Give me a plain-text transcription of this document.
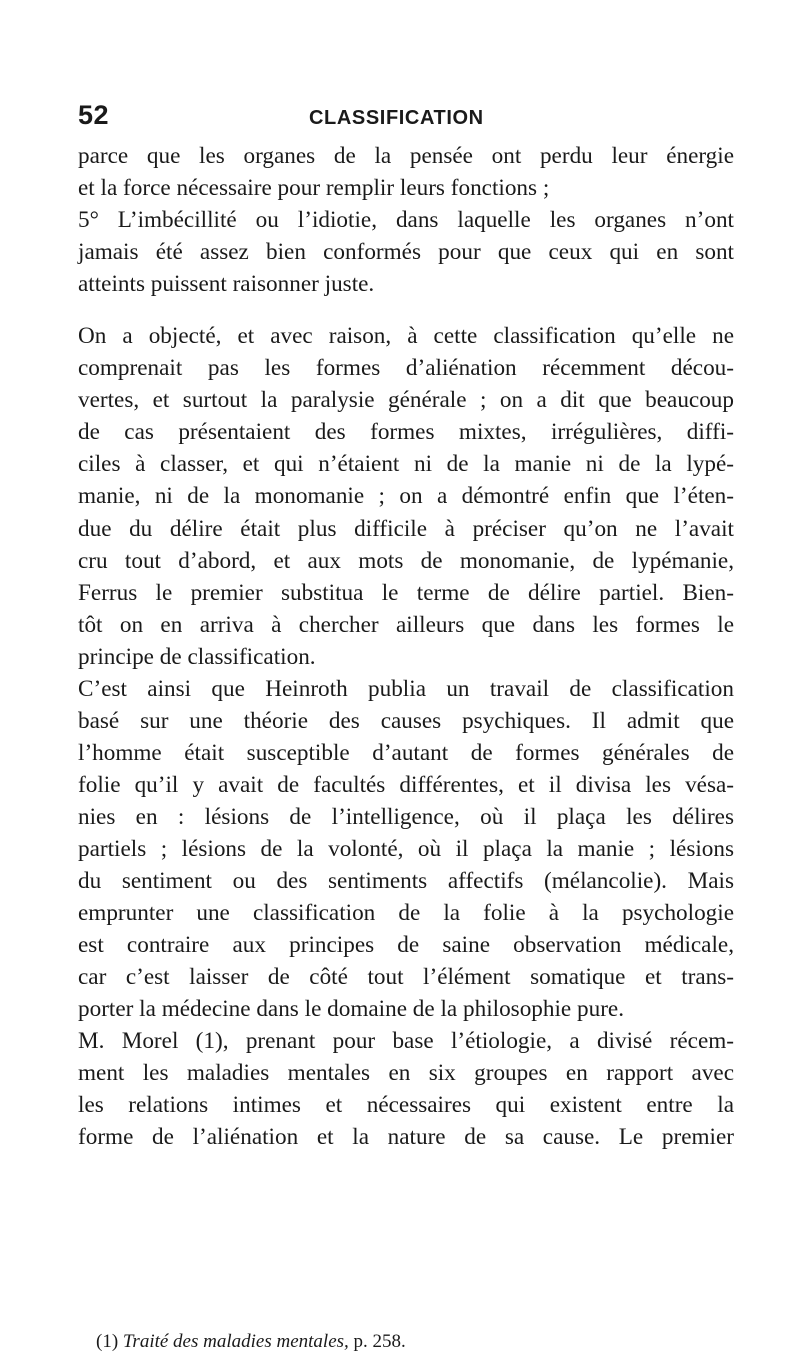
52	CLASSIFICATION
parce que les organes de la pensée ont perdu leur énergie
et la force nécessaire pour remplir leurs fonctions ;
5° L’imbécillité ou l’idiotie, dans laquelle les organes n’ont
jamais été assez bien conformés pour que ceux qui en sont
atteints puissent raisonner juste.
On a objecté, et avec raison, à cette classification qu’elle ne
comprenait pas les formes d’aliénation récemment décou-
vertes, et surtout la paralysie générale ; on a dit que beaucoup
de cas présentaient des formes mixtes, irrégulières, diffi-
ciles à classer, et qui n’étaient ni de la manie ni de la lypé-
manie, ni de la monomanie ; on a démontré enfin que l’éten-
due du délire était plus difficile à préciser qu’on ne l’avait
cru tout d’abord, et aux mots de monomanie, de lypémanie,
Ferrus le premier substitua le terme de délire partiel. Bien-
tôt on en arriva à chercher ailleurs que dans les formes le
principe de classification.
C’est ainsi que Heinroth publia un travail de classification
basé sur une théorie des causes psychiques. Il admit que
l’homme était susceptible d’autant de formes générales de
folie qu’il y avait de facultés différentes, et il divisa les vésa-
nies en : lésions de l’intelligence, où il plaça les délires
partiels ; lésions de la volonté, où il plaça la manie ; lésions
du sentiment ou des sentiments affectifs (mélancolie). Mais
emprunter une classification de la folie à la psychologie
est contraire aux principes de saine observation médicale,
car c’est laisser de côté tout l’élément somatique et trans-
porter la médecine dans le domaine de la philosophie pure.
M. Morel (1), prenant pour base l’étiologie, a divisé récem-
ment les maladies mentales en six groupes en rapport avec
les relations intimes et nécessaires qui existent entre la
forme de l’aliénation et la nature de sa cause. Le premier
(1) Traité des maladies mentales, p. 258.
